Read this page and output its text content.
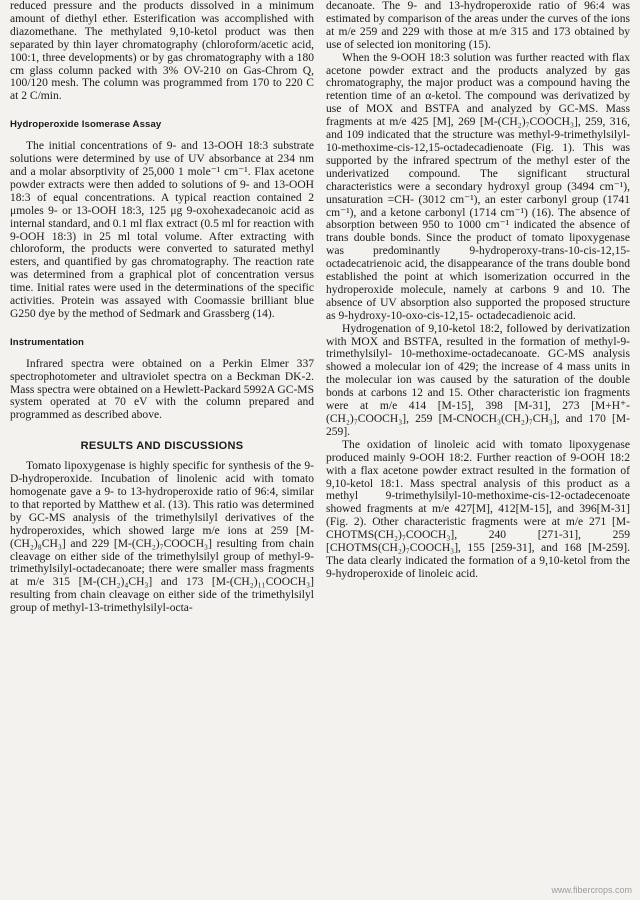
reduced pressure and the products dissolved in a minimum amount of diethyl ether. Esterification was accomplished with diazomethane. The methylated 9,10-ketol product was then separated by thin layer chromatography (chloroform/acetic acid, 100:1, three developments) or by gas chromatography with a 180 cm glass column packed with 3% OV-210 on Gas-Chrom Q, 100/120 mesh. The column was programmed from 170 to 220 C at 2 C/min.

Hydroperoxide Isomerase Assay

The initial concentrations of 9- and 13-OOH 18:3 substrate solutions were determined by use of UV absorbance at 234 nm and a molar absorptivity of 25,000 1 mole⁻¹ cm⁻¹. Flax acetone powder extracts were then added to solutions of 9- and 13-OOH 18:3 of equal concentrations. A typical reaction contained 2 μmoles 9- or 13-OOH 18:3, 125 μg 9-oxohexadecanoic acid as internal standard, and 0.1 ml flax extract (0.5 ml for reaction with 9-OOH 18:3) in 25 ml total volume. After extracting with chloroform, the products were converted to saturated methyl esters, and quantified by gas chromatography. The reaction rate was determined from a graphical plot of concentration versus time. Initial rates were used in the determinations of the specific activities. Protein was assayed with Coomassie brilliant blue G250 dye by the method of Sedmark and Grassberg (14).

Instrumentation

Infrared spectra were obtained on a Perkin Elmer 337 spectrophotometer and ultraviolet spectra on a Beckman DK-2. Mass spectra were obtained on a Hewlett-Packard 5992A GC-MS system operated at 70 eV with the column prepared and programmed as described above.

RESULTS AND DISCUSSIONS

Tomato lipoxygenase is highly specific for synthesis of the 9-D-hydroperoxide. Incubation of linolenic acid with tomato homogenate gave a 9- to 13-hydroperoxide ratio of 96:4, similar to that reported by Matthew et al. (13). This ratio was determined by GC-MS analysis of the trimethylsilyl derivatives of the hydroperoxides, which showed large m/e ions at 259 [M-(CH₂)₈CH₃] and 229 [M-(CH₂)₇COOCH₃] resulting from chain cleavage on either side of the trimethylsilyl group of methyl-9-trimethylsilyl-octadecanoate; there were smaller mass fragments at m/e 315 [M-(CH₂)₄CH₃] and 173 [M-(CH₂)₁₁COOCH₃] resulting from chain cleavage on either side of the trimethylsilyl group of methyl-13-trimethylsilyl-octa-

decanoate. The 9- and 13-hydroperoxide ratio of 96:4 was estimated by comparison of the areas under the curves of the ions at m/e 259 and 229 with those at m/e 315 and 173 obtained by use of selected ion monitoring (15).

When the 9-OOH 18:3 solution was further reacted with flax acetone powder extract and the products analyzed by gas chromatography, the major product was a compound having the retention time of an α-ketol. The compound was derivatized by use of MOX and BSTFA and analyzed by GC-MS. Mass fragments at m/e 425 [M], 269 [M-(CH₂)₇COOCH₃], 259, 316, and 109 indicated that the structure was methyl-9-trimethylsilyl-10-methoxime-cis-12,15-octadecadienoate (Fig. 1). This was supported by the infrared spectrum of the methyl ester of the underivatized compound. The significant structural characteristics were a secondary hydroxyl group (3494 cm⁻¹), unsaturation =CH- (3012 cm⁻¹), an ester carbonyl group (1741 cm⁻¹), and a ketone carbonyl (1714 cm⁻¹) (16). The absence of absorption between 950 to 1000 cm⁻¹ indicated the absence of trans double bonds. Since the product of tomato lipoxygenase was predominantly 9-hydroperoxy-trans-10-cis-12,15-octadecatrienoic acid, the disappearance of the trans double bond established the point at which isomerization occurred in the hydroperoxide molecule, namely at carbons 9 and 10. The absence of UV absorption also supported the proposed structure as 9-hydroxy-10-oxo-cis-12,15- octadecadienoic acid.

Hydrogenation of 9,10-ketol 18:2, followed by derivatization with MOX and BSTFA, resulted in the formation of methyl-9-trimethylsilyl- 10-methoxime-octadecanoate. GC-MS analysis showed a molecular ion of 429; the increase of 4 mass units in the molecular ion was caused by the saturation of the double bonds at carbons 12 and 15. Other characteristic ion fragments were at m/e 414 [M-15], 398 [M-31], 273 [M+H⁺-(CH₂)₇COOCH₃], 259 [M-CNOCH₃(CH₂)₇CH₃], and 170 [M-259].

The oxidation of linoleic acid with tomato lipoxygenase produced mainly 9-OOH 18:2. Further reaction of 9-OOH 18:2 with a flax acetone powder extract resulted in the formation of 9,10-ketol 18:1. Mass spectral analysis of this product as a methyl 9-trimethylsilyl-10-methoxime-cis-12-octadecenoate showed fragments at m/e 427[M], 412[M-15], and 396[M-31] (Fig. 2). Other characteristic fragments were at m/e 271 [M-CHOTMS(CH₂)₇COOCH₃], 240 [271-31], 259 [CHOTMS(CH₂)₇COOCH₃], 155 [259-31], and 168 [M-259]. The data clearly indicated the formation of a 9,10-ketol from the 9-hydroperoxide of linoleic acid.

www.fibercrops.com
